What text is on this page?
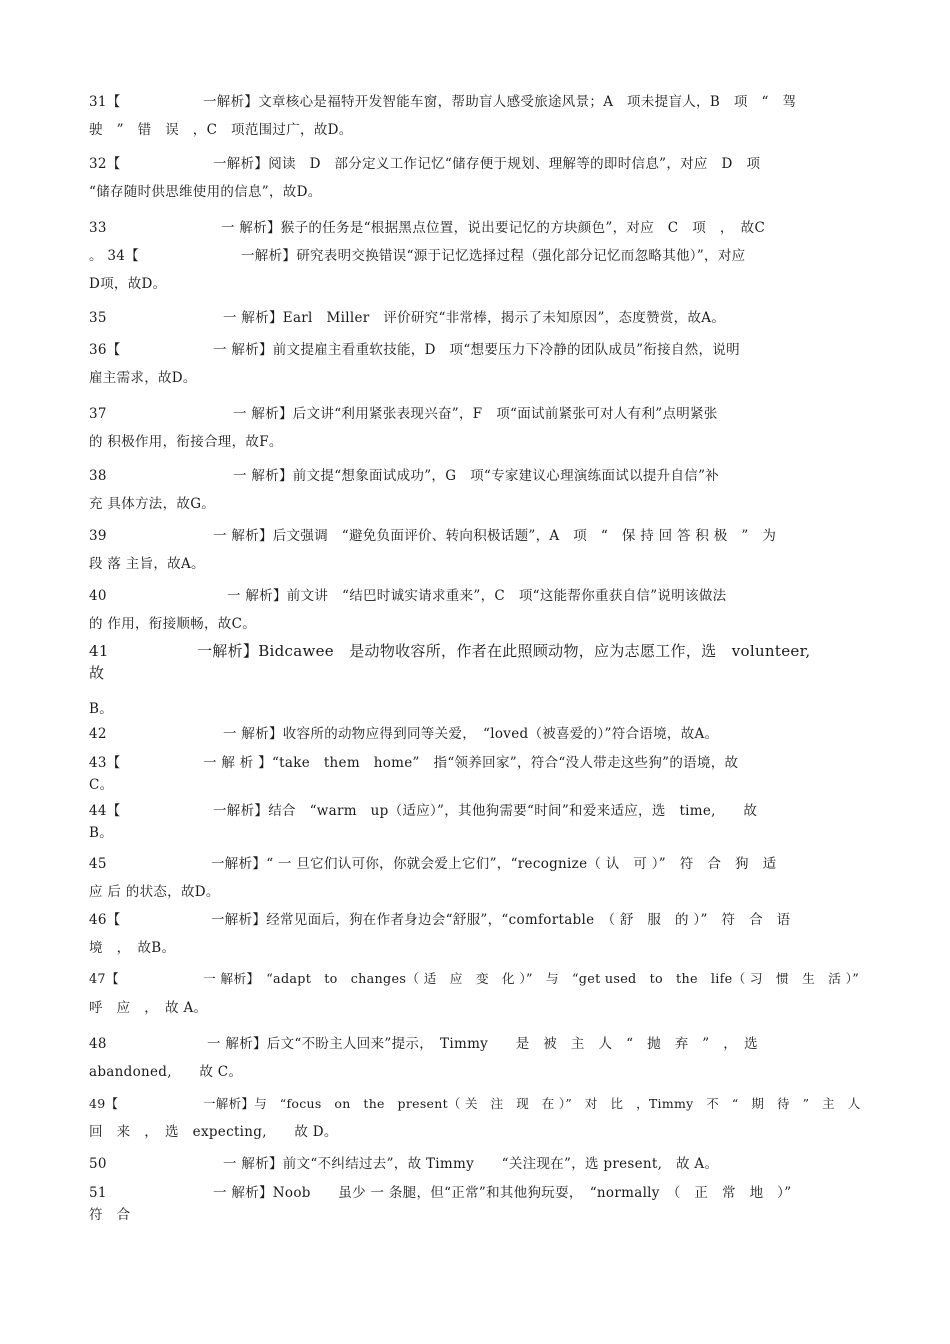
31【	一解析】文章核心是福特开发智能车窗，帮助盲人感受旅途风景；A　项未提盲人，B　项　“　驾
驶　”　错　误　，C　项范围过广，故D。
32【	一解析】阅读　D　部分定义工作记忆“储存便于规划、理解等的即时信息”，对应　D　项
“储存随时供思维使用的信息”，故D。
33	一 解析】猴子的任务是“根据黑点位置，说出要记忆的方块颜色”，对应　C　项　，　故C
。 34【	一解析】研究表明交换错误“源于记忆选择过程（强化部分记忆而忽略其他）”，对应
D项，故D。
35	一 解析】Earl　Miller　评价研究“非常棒，揭示了未知原因”，态度赞赏，故A。
36【	一 解析】前文提雇主看重软技能，D　项“想要压力下冷静的团队成员”衔接自然，说明
雇主需求，故D。
37	一 解析】后文讲“利用紧张表现兴奋”，F　项“面试前紧张可对人有利”点明紧张
的 积极作用，衔接合理，故F。
38	一 解析】前文提“想象面试成功”，G　项“专家建议心理演练面试以提升自信”补
充 具体方法，故G。
39	一 解析】后文强调　“避免负面评价、转向积极话题”，A　项　“　保 持 回 答 积 极　”　为
段 落 主旨，故A。
40	一 解析】前文讲　“结巴时诚实请求重来”，C　项“这能帮你重获自信”说明该做法
的 作用，衔接顺畅，故C。
41	一解析】Bidcawee　是动物收容所，作者在此照顾动物，应为志愿工作，选　volunteer,
故
B。
42	一 解析】收容所的动物应得到同等关爱，　“loved（被喜爱的）”符合语境，故A。
43【	一 解 析 】“take　them　home”　指“领养回家”，符合“没人带走这些狗”的语境，故
C。
44【	一解析】结合　“warm　up（适应）”，其他狗需要“时间”和爱来适应，选　time,　　故
B。
45	一解析】“ 一 旦它们认可你，你就会爱上它们”，“recognize（ 认　可 ）”　符　合　狗　适
应 后 的状态，故D。
46【	一解析】经常见面后，狗在作者身边会“舒服”，“comfortable　（ 舒　服　的 ）”　符　合　语
境　，　故B。
47【	一 解析】　“adapt　to　changes（ 适　应　变　化 ）”　与　“get used　to　the　life（ 习　惯　生　活 ）”
呼　应　，　故 A。
48	一 解析】后文“不盼主人回来”提示，　Timmy　　是　被　主　人　“　抛　弃　”　，　选
abandoned,　　故 C。
49【	一解析】与　“focus　on　the　present（ 关　注　现　在 ）”　对　比　，Timmy　不　“　期　待　”　主　人
回　来　，　选　expecting,　　故 D。
50	一 解析】前文“不纠结过去”，故 Timmy　　“关注现在”，选 present,　故 A。
51	一 解析】Noob　　虽少 一 条腿，但“正常”和其他狗玩耍，　“normally　（　正　常　地　）”
符　合
